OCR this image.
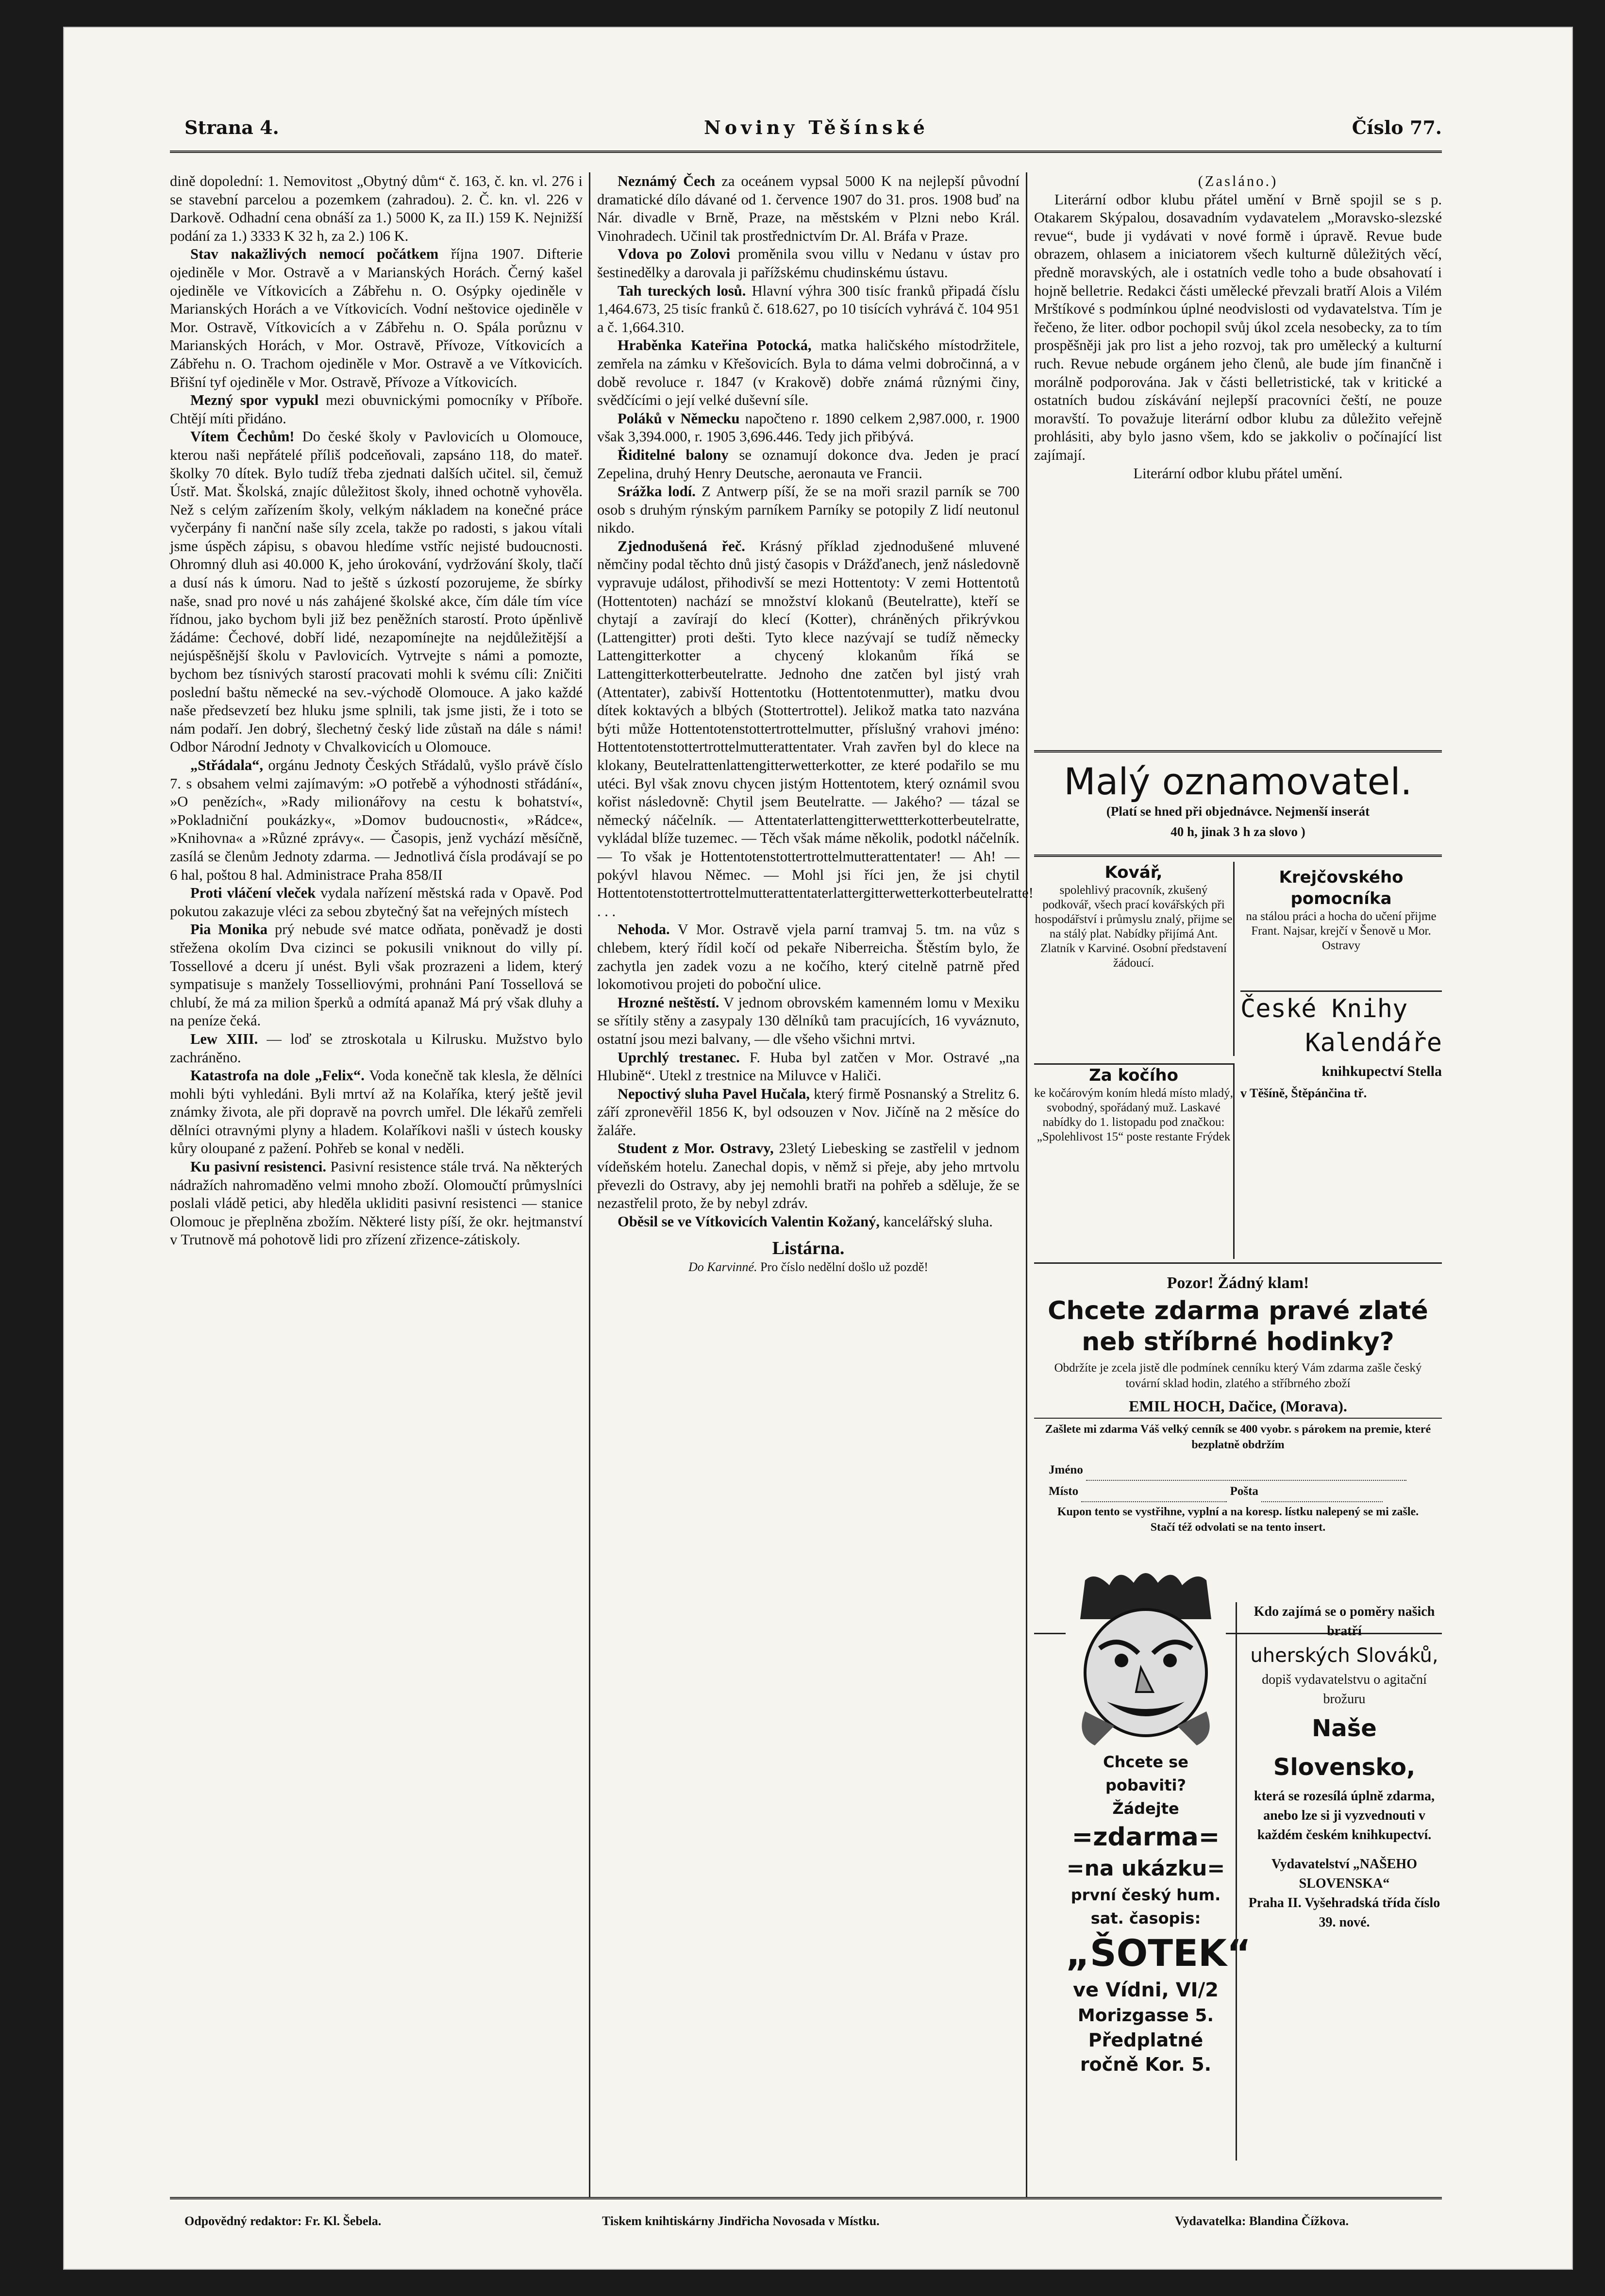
Strana 4.	Noviny Těšínské	Číslo 77.

dině dopolední: 1. Nemovitost „Obytný dům“ č. 163, č. kn. vl. 276 i se stavební parcelou a pozemkem (zahradou). 2. Č. kn. vl. 226 v Darkově. Odhadní cena obnáší za 1.) 5000 K, za II.) 159 K. Nejnižší podání za 1.) 3333 K 32 h, za 2.) 106 K.

Stav nakažlivých nemocí počátkem října 1907. Difterie ojediněle v Mor. Ostravě a v Marianských Horách. Černý kašel ojediněle ve Vítkovicích a Zábřehu n. O. Osýpky ojediněle v Marianských Horách a ve Vítkovicích. Vodní neštovice ojediněle v Mor. Ostravě, Vítkovicích a v Zábřehu n. O. Spála porůznu v Marianských Horách, v Mor. Ostravě, Přívoze, Vítkovicích a Zábřehu n. O. Trachom ojediněle v Mor. Ostravě a ve Vítkovicích. Břišní tyf ojediněle v Mor. Ostravě, Přívoze a Vítkovicích.

Mezný spor vypukl mezi obuvnickými pomocníky v Příboře. Chtějí míti přidáno.

Vítem Čechům! Do české školy v Pavlovicích u Olomouce, kterou naši nepřátelé příliš podceňovali, zapsáno 118, do mateř. školky 70 dítek. Bylo tudíž třeba zjednati dalších učitel. sil, čemuž Ústř. Mat. Školská, znajíc důležitost školy, ihned ochotně vyhověla. Než s celým zařízením školy, velkým nákladem na konečné práce vyčerpány fi nanční naše síly zcela, takže po radosti, s jakou vítali jsme úspěch zápisu, s obavou hledíme vstříc nejisté budoucnosti. Ohromný dluh asi 40.000 K, jeho úrokování, vydržování školy, tlačí a dusí nás k úmoru. Nad to ještě s úzkostí pozorujeme, že sbírky naše, snad pro nové u nás zahájené školské akce, čím dále tím více řídnou, jako bychom byli již bez peněžních starostí. Proto úpěnlivě žádáme: Čechové, dobří lidé, nezapomínejte na nejdůležitější a nejúspěšnější školu v Pavlovicích. Vytrvejte s námi a pomozte, bychom bez tísnivých starostí pracovati mohli k svému cíli: Zničiti poslední baštu německé na sev.-východě Olomouce. A jako každé naše předsevzetí bez hluku jsme splnili, tak jsme jisti, že i toto se nám podaří. Jen dobrý, šlechetný český lide zůstaň na dále s námi! Odbor Národní Jednoty v Chvalkovicích u Olomouce.

„Střádala“, orgánu Jednoty Českých Střádalů, vyšlo právě číslo 7. s obsahem velmi zajímavým: »O potřebě a výhodnosti střádání«, »O penězích«, »Rady milionářovy na cestu k bohatství«, »Pokladniční poukázky«, »Domov budoucnosti«, »Rádce«, »Knihovna« a »Různé zprávy«. — Časopis, jenž vychází měsíčně, zasílá se členům Jednoty zdarma. — Jednotlivá čísla prodávají se po 6 hal, poštou 8 hal. Administrace Praha 858/II

Proti vláčení vleček vydala nařízení městská rada v Opavě. Pod pokutou zakazuje vléci za sebou zbytečný šat na veřejných místech

Pia Monika prý nebude své matce odňata, poněvadž je dosti střežena okolím Dva cizinci se pokusili vniknout do villy pí. Tossellové a dceru jí unést. Byli však prozrazeni a lidem, který sympatisuje s manžely Tosselliovými, prohnáni Paní Tossellová se chlubí, že má za milion šperků a odmítá apanaž Má prý však dluhy a na peníze čeká.

Lew XIII. — loď se ztroskotala u Kilrusku. Mužstvo bylo zachráněno.

Katastrofa na dole „Felix“. Voda konečně tak klesla, že dělníci mohli býti vyhledáni. Byli mrtví až na Kolaříka, který ještě jevil známky života, ale při dopravě na povrch umřel. Dle lékařů zemřeli dělníci otravnými plyny a hladem. Kolaříkovi našli v ústech kousky kůry oloupané z pažení. Pohřeb se konal v neděli.

Ku pasivní resistenci. Pasivní resistence stále trvá. Na některých nádražích nahromaděno velmi mnoho zboží. Olomoučtí průmyslníci poslali vládě petici, aby hleděla ukliditi pasivní resistenci — stanice Olomouc je přeplněna zbožím. Některé listy píší, že okr. hejtmanství v Trutnově má pohotově lidi pro zřízení zřizence-zátiskoly.

Neznámý Čech za oceánem vypsal 5000 K na nejlepší původní dramatické dílo dávané od 1. července 1907 do 31. pros. 1908 buď na Nár. divadle v Brně, Praze, na městském v Plzni nebo Král. Vinohradech. Učinil tak prostřednictvím Dr. Al. Bráfa v Praze.

Vdova po Zolovi proměnila svou villu v Nedanu v ústav pro šestinedělky a darovala ji pařížskému chudinskému ústavu.

Tah tureckých losů. Hlavní výhra 300 tisíc franků připadá číslu 1,464.673, 25 tisíc franků č. 618.627, po 10 tisících vyhrává č. 104 951 a č. 1,664.310.

Hraběnka Kateřina Potocká, matka haličského místodržitele, zemřela na zámku v Křešovicích. Byla to dáma velmi dobročinná, a v době revoluce r. 1847 (v Krakově) dobře známá různými činy, svědčícími o její velké duševní síle.

Poláků v Německu napočteno r. 1890 celkem 2,987.000, r. 1900 však 3,394.000, r. 1905 3,696.446. Tedy jich přibývá.

Řiditelné balony se oznamují dokonce dva. Jeden je prací Zepelina, druhý Henry Deutsche, aeronauta ve Francii.

Srážka lodí. Z Antwerp píší, že se na moři srazil parník se 700 osob s druhým rýnským parníkem Parníky se potopily Z lidí neutonul nikdo.

Zjednodušená řeč. Krásný příklad zjednodušené mluvené němčiny podal těchto dnů jistý časopis v Drážďanech, jenž následovně vypravuje událost, přihodivší se mezi Hottentoty: V zemi Hottentotů (Hottentoten) nachází se množství klokanů (Beutelratte), kteří se chytají a zavírají do klecí (Kotter), chráněných přikrývkou (Lattengitter) proti dešti. Tyto klece nazývají se tudíž německy Lattengitterkotter a chycený klokanům říká se Lattengitterkotterbeutelratte. Jednoho dne zatčen byl jistý vrah (Attentater), zabivší Hottentotku (Hottentotenmutter), matku dvou dítek koktavých a blbých (Stottertrottel). Jelikož matka tato nazvána býti může Hottentotenstottertrottelmutter, příslušný vrahovi jméno: Hottentotenstottertrottelmutterattentater. Vrah zavřen byl do klece na klokany, Beutelrattenlattengitterwetterkotter, ze které podařilo se mu utéci. Byl však znovu chycen jistým Hottentotem, který oznámil svou kořist následovně: Chytil jsem Beutelratte. — Jakého? — tázal se německý náčelník. — Attentaterlattengitterwettterkotterbeutelratte, vykládal blíže tuzemec. — Těch však máme několik, podotkl náčelník. — To však je Hottentotenstottertrottelmutterattentater! — Ah! — pokývl hlavou Němec. — Mohl jsi říci jen, že jsi chytil Hottentotenstottertrottelmutterattentaterlattergitterwetterkotterbeutelratte! . . .

Nehoda. V Mor. Ostravě vjela parní tramvaj 5. tm. na vůz s chlebem, který řídil kočí od pekaře Niberreicha. Štěstím bylo, že zachytla jen zadek vozu a ne kočího, který citelně patrně před lokomotivou projeti do poboční ulice.

Hrozné neštěstí. V jednom obrovském kamenném lomu v Mexiku se sřítily stěny a zasypaly 130 dělníků tam pracujících, 16 vyváznuto, ostatní jsou mezi balvany, — dle všeho všichni mrtvi.

Uprchlý trestanec. F. Huba byl zatčen v Mor. Ostravé „na Hlubině“. Utekl z trestnice na Miluvce v Haliči.

Nepoctivý sluha Pavel Hučala, který firmě Posnanský a Strelitz 6. září zpronevěřil 1856 K, byl odsouzen v Nov. Jičíně na 2 měsíce do žaláře.

Student z Mor. Ostravy, 23letý Liebesking se zastřelil v jednom vídeňském hotelu. Zanechal dopis, v němž si přeje, aby jeho mrtvolu převezli do Ostravy, aby jej nemohli bratři na pohřeb a sděluje, že se nezastřelil proto, že by nebyl zdráv.

Oběsil se ve Vítkovicích Valentin Kožaný, kancelářský sluha.

Listárna.

Do Karvinné. Pro číslo nedělní došlo už pozdě!

(Zasláno.)

Literární odbor klubu přátel umění v Brně spojil se s p. Otakarem Skýpalou, dosavadním vydavatelem „Moravsko-slezské revue“, bude ji vydávati v nové formě i úpravě. Revue bude obrazem, ohlasem a iniciatorem všech kulturně důležitých věcí, předně moravských, ale i ostatních vedle toho a bude obsahovatí i hojně belletrie. Redakci části umělecké převzali bratří Alois a Vilém Mrštíkové s podmínkou úplné neodvislosti od vydavatelstva. Tím je řečeno, že liter. odbor pochopil svůj úkol zcela nesobecky, za to tím prospěšněji jak pro list a jeho rozvoj, tak pro umělecký a kulturní ruch. Revue nebude orgánem jeho členů, ale bude jím finančně i morálně podporována. Jak v části belletristické, tak v kritické a ostatních budou získávání nejlepší pracovníci čeští, ne pouze moravští. To považuje literární odbor klubu za důležito veřejně prohlásiti, aby bylo jasno všem, kdo se jakkoliv o počínající list zajímají.

Literární odbor klubu přátel umění.

Malý oznamovatel.
(Platí se hned při objednávce. Nejmenší inserát
40 h, jinak 3 h za slovo )
Kovář,
spolehlivý pracovník, zkušený podkovář, všech prací kovářských při hospodářství i průmyslu znalý, přijme se na stálý plat. Nabídky přijímá Ant. Zlatník v Karviné. Osobní představení žádoucí.
Krejčovského pomocníka
na stálou práci a hocha do učení přijme Frant. Najsar, krejčí v Šenově u Mor. Ostravy
Za kočího
ke kočárovým koním hledá místo mladý, svobodný, spořádaný muž. Laskavé nabídky do 1. listopadu pod značkou: „Spolehlivost 15“ poste restante Frýdek
České Knihy
Kalendáře
knihkupectví Stella
v Těšíně, Štěpánčina tř.
Pozor! Žádný klam!
Chcete zdarma pravé zlaté
neb stříbrné hodinky?
Obdržíte je zcela jistě dle podmínek cenníku který Vám zdarma zašle český tovární sklad hodin, zlatého a stříbrného zboží
EMIL HOCH, Dačice, (Morava).
Zašlete mi zdarma Váš velký cenník se 400 vyobr. s párokem na premie, které bezplatně obdržím
Jméno
Místo	Pošta
Kupon tento se vystřihne, vyplní a na koresp. lístku nalepený se mi zašle. Stačí též odvolati se na tento insert.
Chcete se pobaviti?
Žádejte
=zdarma=
=na ukázku=
první český hum.
sat. časopis:
„ŠOTEK“
ve Vídni, VI/2
Morizgasse 5.
Předplatné
ročně Kor. 5.
Kdo zajímá se o poměry našich bratří
uherských Slováků,
dopiš vydavatelstvu o agitační brožuru
Naše Slovensko,
která se rozesílá úplně zdarma, anebo lze si ji vyzvednouti v každém českém knihkupectví.
Vydavatelství „NAŠEHO SLOVENSKA“
Praha II. Vyšehradská třída číslo 39. nové.
Odpovědný redaktor: Fr. Kl. Šebela.	Tiskem knihtiskárny Jindřicha Novosada v Místku.	Vydavatelka: Blandina Čížkova.
